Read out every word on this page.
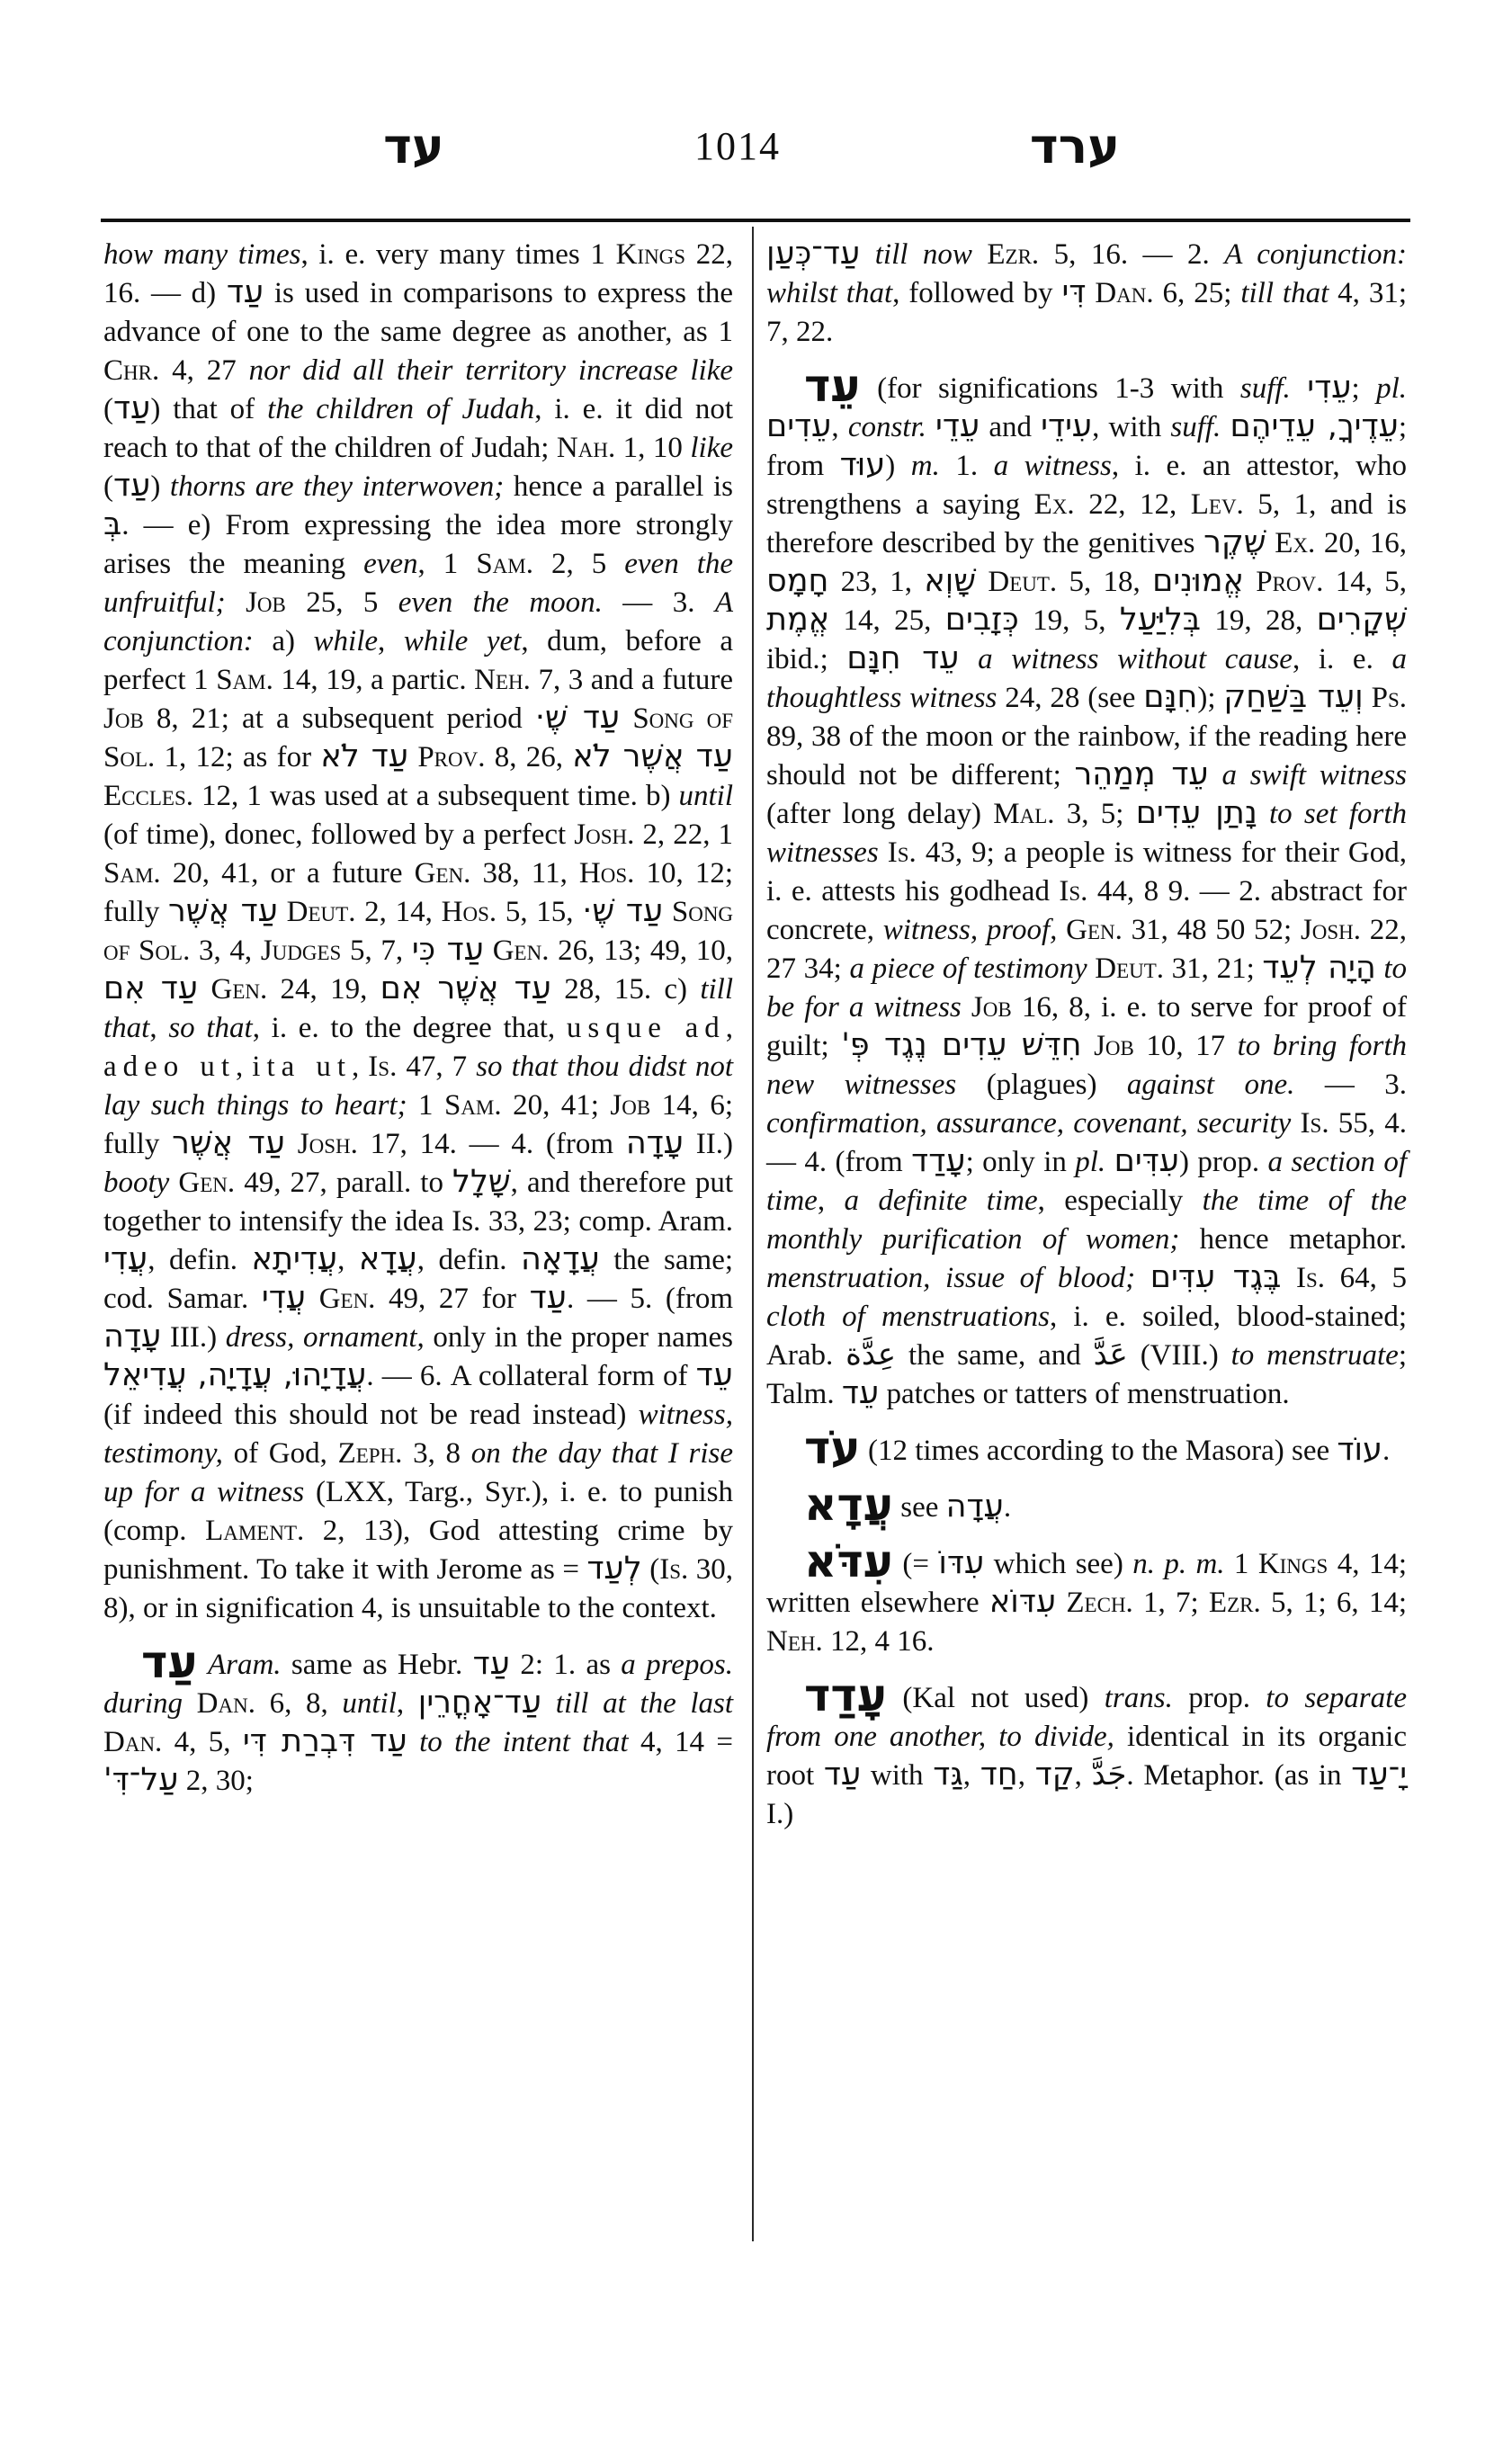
עד	1014	ערד

how many times, i. e. very many times 1 Kings 22, 16. — d) עַד is used in comparisons to express the advance of one to the same degree as another, as 1 Chr. 4, 27 nor did all their territory increase like (עַד) that of the children of Judah, i. e. it did not reach to that of the children of Judah; Nah. 1, 10 like (עַד) thorns are they interwoven; hence a parallel is בְּ. — e) From expressing the idea more strongly arises the meaning even, 1 Sam. 2, 5 even the unfruitful; Job 25, 5 even the moon. — 3. A conjunction: a) while, while yet, dum, before a perfect 1 Sam. 14, 19, a partic. Neh. 7, 3 and a future Job 8, 21; at a subsequent period עַד שֶׁ· Song of Sol. 1, 12; as for עַד לֹא Prov. 8, 26, עַד אֲשֶׁר לֹא Eccles. 12, 1 was used at a subsequent time. b) until (of time), donec, followed by a perfect Josh. 2, 22, 1 Sam. 20, 41, or a future Gen. 38, 11, Hos. 10, 12; fully עַד אֲשֶׁר Deut. 2, 14, Hos. 5, 15, עַד שֶׁ· Song of Sol. 3, 4, Judges 5, 7, עַד כִּי Gen. 26, 13; 49, 10, עַד אִם Gen. 24, 19, עַד אֲשֶׁר אִם 28, 15. c) till that, so that, i. e. to the degree that, usque ad, adeo ut, ita ut, Is. 47, 7 so that thou didst not lay such things to heart; 1 Sam. 20, 41; Job 14, 6; fully עַד אֲשֶׁר Josh. 17, 14. — 4. (from עָדָה II.) booty Gen. 49, 27, parall. to שָׁלָל, and therefore put together to intensify the idea Is. 33, 23; comp. Aram. עֲדִי, defin. עֲדִיתָא, עֲדָא, defin. עֲדָאָה the same; cod. Samar. עֲדִי Gen. 49, 27 for עַד. — 5. (from עָדָה III.) dress, ornament, only in the proper names עֲדָיָהוּ, עֲדָיָה, עֲדִיאֵל. — 6. A collateral form of עֵד (if indeed this should not be read instead) witness, testimony, of God, Zeph. 3, 8 on the day that I rise up for a witness (LXX, Targ., Syr.), i. e. to punish (comp. Lament. 2, 13), God attesting crime by punishment. To take it with Jerome as = לְעַד (Is. 30, 8), or in signification 4, is unsuitable to the context.

עַד Aram. same as Hebr. עַד 2: 1. as a prepos. during Dan. 6, 8, until, עַד־אָחֳרֵין till at the last Dan. 4, 5, עַד דִּבְרַת דִּי to the intent that 4, 14 = עַל־דִּ' 2, 30;

עַד־כְּעַן till now Ezr. 5, 16. — 2. A conjunction: whilst that, followed by דִּי Dan. 6, 25; till that 4, 31; 7, 22.

עֵד (for significations 1-3 with suff. עֵדִי; pl. עֵדִים, constr. עֵדֵי and עִידֵי, with suff. עֵדֶיךָ, עֵדֵיהֶם; from עוּד) m. 1. a witness, i. e. an attestor, who strengthens a saying Ex. 22, 12, Lev. 5, 1, and is therefore described by the genitives שֶׁקֶר Ex. 20, 16, חָמָס 23, 1, שָׁוְא Deut. 5, 18, אֱמוּנִים Prov. 14, 5, אֱמֶת 14, 25, כְּזָבִים 19, 5, בְּלִיַּעַל 19, 28, שְׁקָרִים ibid.; עֵד חִנָּם a witness without cause, i. e. a thoughtless witness 24, 28 (see חִנָּם); וְעֵד בַּשַּׁחַק Ps. 89, 38 of the moon or the rainbow, if the reading here should not be different; עֵד מְמַהֵר a swift witness (after long delay) Mal. 3, 5; נָתַן עֵדִים to set forth witnesses Is. 43, 9; a people is witness for their God, i. e. attests his godhead Is. 44, 8 9. — 2. abstract for concrete, witness, proof, Gen. 31, 48 50 52; Josh. 22, 27 34; a piece of testimony Deut. 31, 21; הָיָה לְעֵד to be for a witness Job 16, 8, i. e. to serve for proof of guilt; חִדֵּשׁ עֵדִים נֶגֶד פְּ' Job 10, 17 to bring forth new witnesses (plagues) against one. — 3. confirmation, assurance, covenant, security Is. 55, 4. — 4. (from עָדַד; only in pl. עִדִּים) prop. a section of time, a definite time, especially the time of the monthly purification of women; hence metaphor. menstruation, issue of blood; בֶּגֶד עִדִּים Is. 64, 5 cloth of menstruations, i. e. soiled, blood-stained; Arab. عِدَّة the same, and عَدَّ (VIII.) to menstruate; Talm. עֵד patches or tatters of menstruation.

עֹד (12 times according to the Masora) see עוֹד.

עֲדָא see עֲדָה.

עִדֹּא (= עִדּוֹ which see) n. p. m. 1 Kings 4, 14; written elsewhere עִדּוֹא Zech. 1, 7; Ezr. 5, 1; 6, 14; Neh. 12, 4 16.

עָדַד (Kal not used) trans. prop. to separate from one another, to divide, identical in its organic root עַד with גַּד, חַד, קַד, جَدَّ. Metaphor. (as in יָ־עַד I.)
